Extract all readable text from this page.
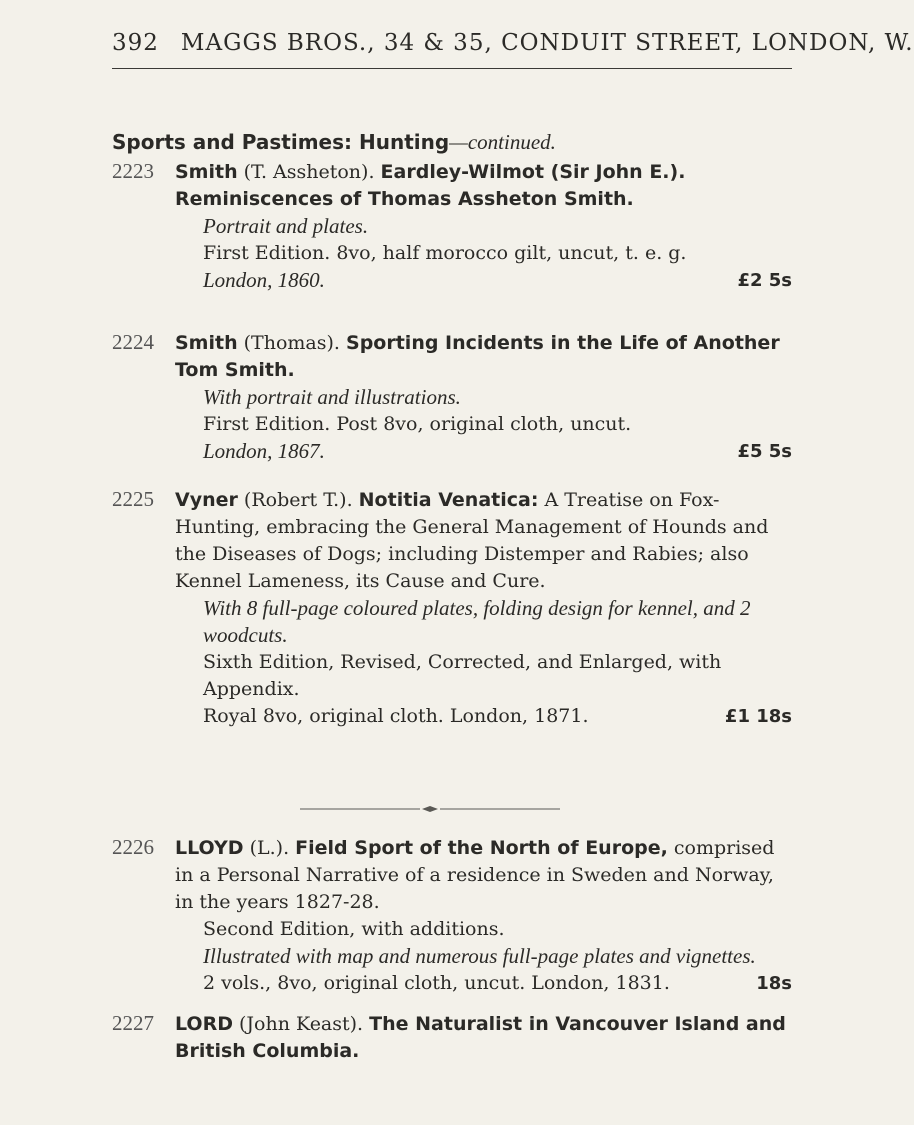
392 MAGGS BROS., 34 & 35, CONDUIT STREET, LONDON, W.
Sports and Pastimes: Hunting—continued.
2223	Smith (T. Assheton). Eardley-Wilmot (Sir John E.). Reminiscences of Thomas Assheton Smith.
Portrait and plates.
First Edition. 8vo, half morocco gilt, uncut, t. e. g.
London, 1860.	£2 5s
2224	Smith (Thomas). Sporting Incidents in the Life of Another Tom Smith.
With portrait and illustrations.
First Edition. Post 8vo, original cloth, uncut.
London, 1867.	£5 5s
2225	Vyner (Robert T.). Notitia Venatica: A Treatise on Fox-Hunting, embracing the General Management of Hounds and the Diseases of Dogs; including Distemper and Rabies; also Kennel Lameness, its Cause and Cure.
With 8 full-page coloured plates, folding design for kennel, and 2 woodcuts.
Sixth Edition, Revised, Corrected, and Enlarged, with Appendix.
Royal 8vo, original cloth. London, 1871.	£1 18s
2226	LLOYD (L.). Field Sport of the North of Europe, comprised in a Personal Narrative of a residence in Sweden and Norway, in the years 1827-28.
Second Edition, with additions.
Illustrated with map and numerous full-page plates and vignettes.
2 vols., 8vo, original cloth, uncut. London, 1831.	18s
2227	LORD (John Keast). The Naturalist in Vancouver Island and British Columbia.
